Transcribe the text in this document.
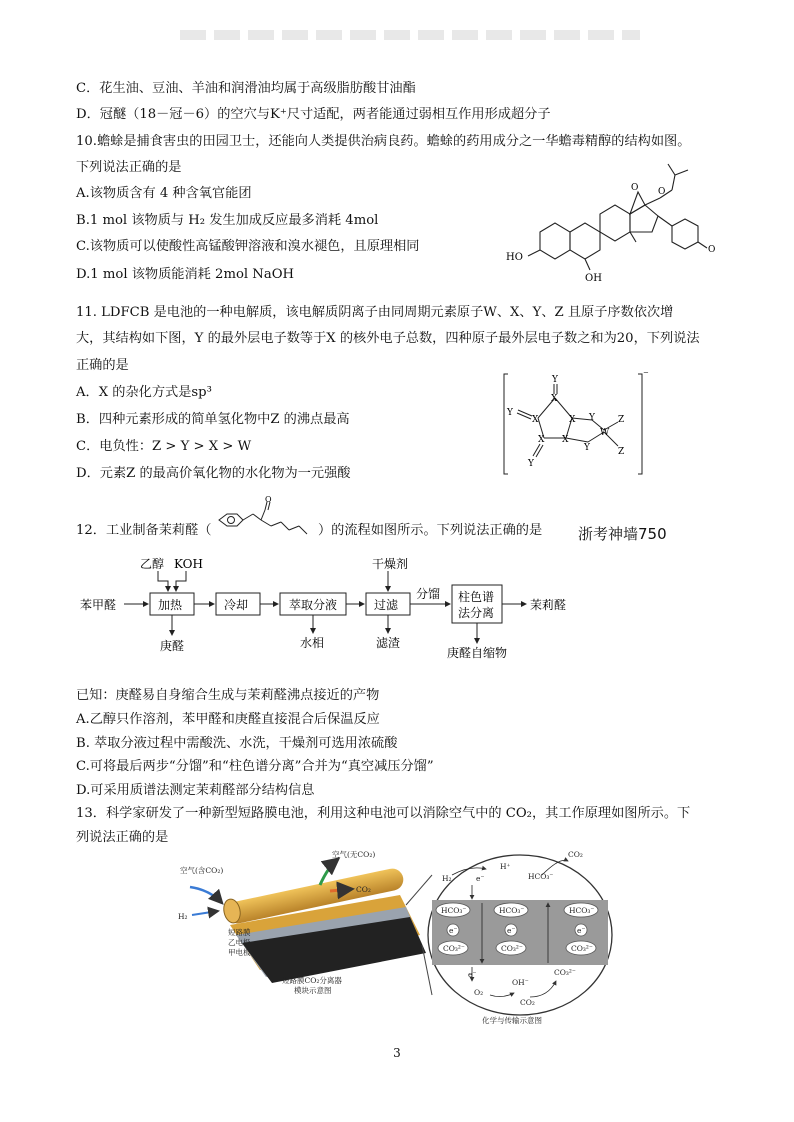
C．花生油、豆油、羊油和润滑油均属于高级脂肪酸甘油酯
D．冠醚（18－冠－6）的空穴与K⁺尺寸适配，两者能通过弱相互作用形成超分子
10.蟾蜍是捕食害虫的田园卫士，还能向人类提供治病良药。蟾蜍的药用成分之一华蟾毒精醇的结构如图。
下列说法正确的是
A.该物质含有 4 种含氧官能团
B.1 mol 该物质与 H₂ 发生加成反应最多消耗 4mol
C.该物质可以使酸性高锰酸钾溶液和溴水褪色，且原理相同
D.1 mol 该物质能消耗 2mol NaOH
HO
OH
O O
O
11. LDFCB 是电池的一种电解质，该电解质阴离子由同周期元素原子W、X、Y、Z 且原子序数依次增
大，其结构如下图，Y 的最外层电子数等于X 的核外电子总数，四种原子最外层电子数之和为20，下列说法
正确的是
A．X 的杂化方式是sp³
B．四种元素形成的简单氢化物中Z 的沸点最高
C．电负性：Z > Y > X > W
D．元素Z 的最高价氧化物的水化物为一元强酸
Y
X
Y
X	X
X X
Y
Y
Y
W
Z
Z
⁻
12．工业制备茉莉醛（
O
）的流程如图所示。下列说法正确的是 浙考神墙750
乙醇 KOH
苯甲醛	加热	冷却	萃取分液
干燥剂
过滤
分馏 柱色谱
法分离
茉莉醛
庚醛	水相	滤渣
庚醛自缩物
已知：庚醛易自身缩合生成与茉莉醛沸点接近的产物
A.乙醇只作溶剂，苯甲醛和庚醛直接混合后保温反应
B. 萃取分液过程中需酸洗、水洗，干燥剂可选用浓硫酸
C.可将最后两步“分馏”和“柱色谱分离”合并为“真空减压分馏”
D.可采用质谱法测定茉莉醛部分结构信息
13．科学家研发了一种新型短路膜电池，利用这种电池可以消除空气中的 CO₂，其工作原理如图所示。下
列说法正确的是
空气(含CO₂)
空气(无CO₂)
CO₂
H₂
短路膜
乙电极
甲电极
短路膜CO₂分离器
模块示意图
H⁺
CO₂
HCO₃⁻
H₂	e⁻
HCO₃⁻	HCO₃⁻	HCO₃⁻
e⁻	e⁻	e⁻
CO₃²⁻	CO₃²⁻	CO₃²⁻
e⁻	CO₃²⁻
O₂
OH⁻
CO₂
化学与传输示意图
3
